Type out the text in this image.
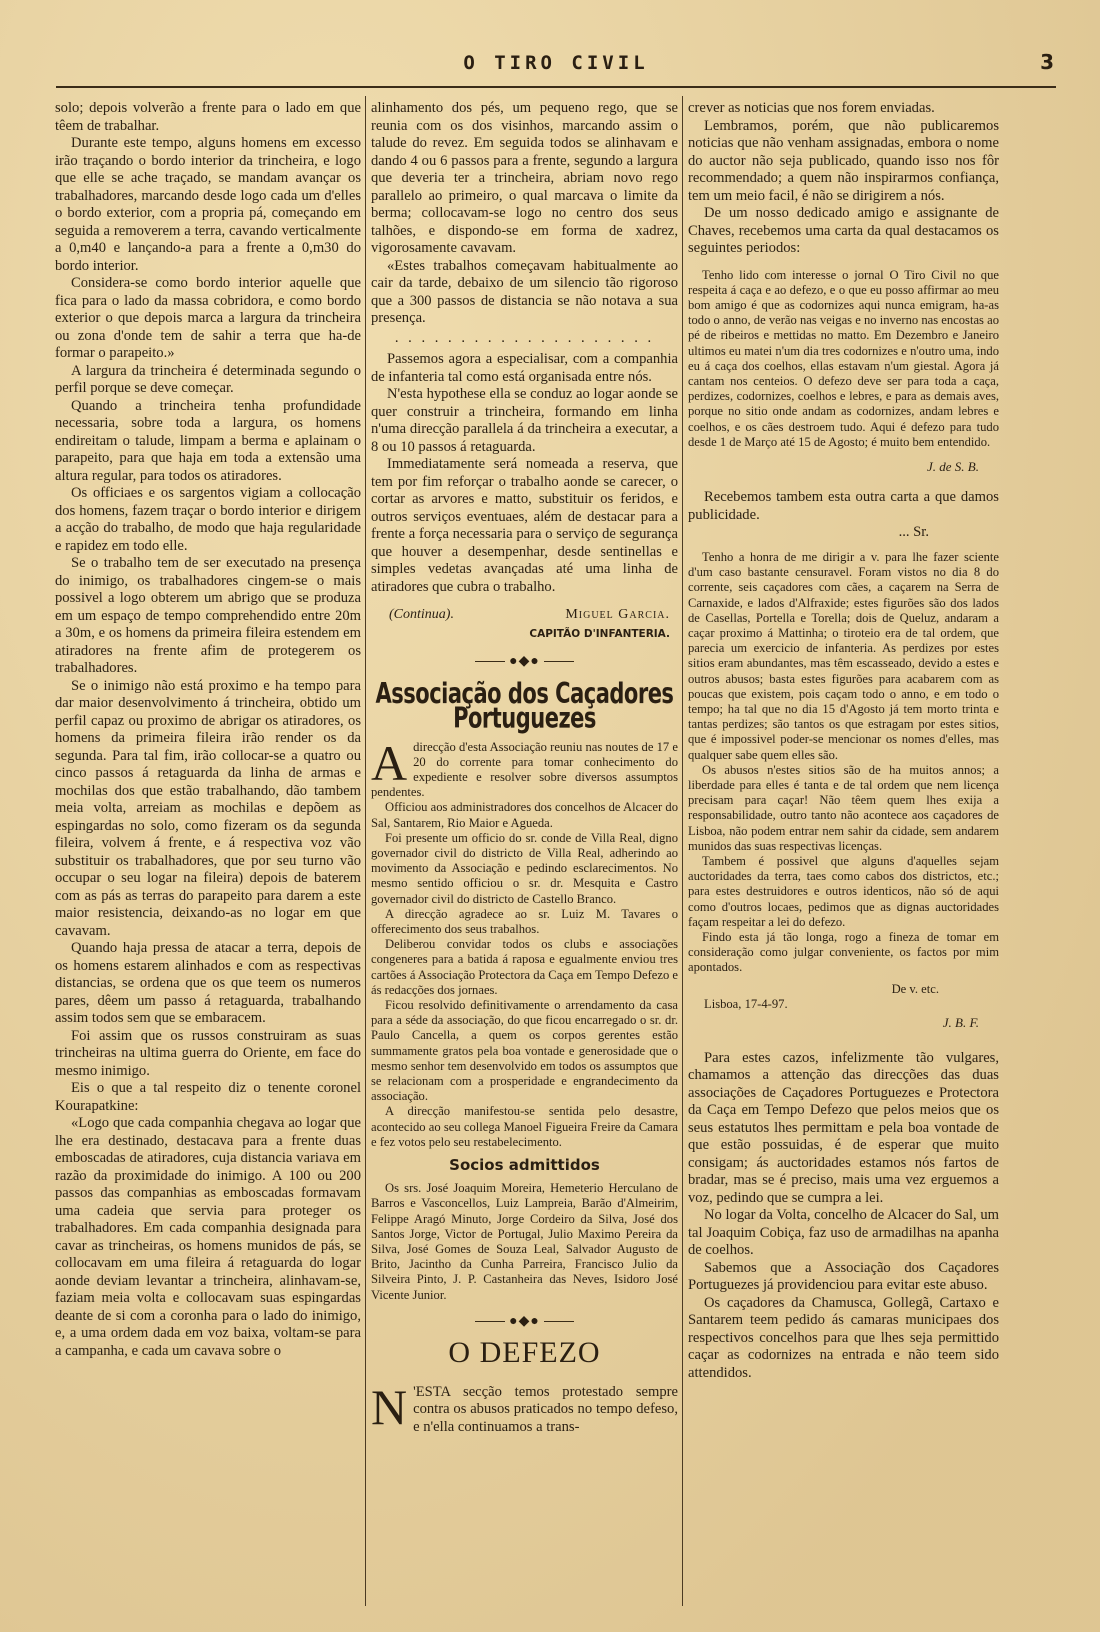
O TIRO CIVIL	3

solo; depois volverão a frente para o lado em que têem de trabalhar.

Durante este tempo, alguns homens em excesso irão traçando o bordo interior da trincheira, e logo que elle se ache traçado, se mandam avançar os trabalhadores, marcando desde logo cada um d'elles o bordo exterior, com a propria pá, começando em seguida a removerem a terra, cavando verticalmente a 0,m40 e lançando-a para a frente a 0,m30 do bordo interior.

Considera-se como bordo interior aquelle que fica para o lado da massa cobridora, e como bordo exterior o que depois marca a largura da trincheira ou zona d'onde tem de sahir a terra que ha-de formar o parapeito.»

A largura da trincheira é determinada segundo o perfil porque se deve começar.

Quando a trincheira tenha profundidade necessaria, sobre toda a largura, os homens endireitam o talude, limpam a berma e aplainam o parapeito, para que haja em toda a extensão uma altura regular, para todos os atiradores.

Os officiaes e os sargentos vigiam a collocação dos homens, fazem traçar o bordo interior e dirigem a acção do trabalho, de modo que haja regularidade e rapidez em todo elle.

Se o trabalho tem de ser executado na presença do inimigo, os trabalhadores cingem-se o mais possivel a logo obterem um abrigo que se produza em um espaço de tempo comprehendido entre 20m a 30m, e os homens da primeira fileira estendem em atiradores na frente afim de protegerem os trabalhadores.

Se o inimigo não está proximo e ha tempo para dar maior desenvolvimento á trincheira, obtido um perfil capaz ou proximo de abrigar os atiradores, os homens da primeira fileira irão render os da segunda. Para tal fim, irão collocar-se a quatro ou cinco passos á retaguarda da linha de armas e mochilas dos que estão trabalhando, dão tambem meia volta, arreiam as mochilas e depõem as espingardas no solo, como fizeram os da segunda fileira, volvem á frente, e á respectiva voz vão substituir os trabalhadores, que por seu turno vão occupar o seu logar na fileira) depois de baterem com as pás as terras do parapeito para darem a este maior resistencia, deixando-as no logar em que cavavam.

Quando haja pressa de atacar a terra, depois de os homens estarem alinhados e com as respectivas distancias, se ordena que os que teem os numeros pares, dêem um passo á retaguarda, trabalhando assim todos sem que se embaracem.

Foi assim que os russos construiram as suas trincheiras na ultima guerra do Oriente, em face do mesmo inimigo.

Eis o que a tal respeito diz o tenente coronel Kourapatkine:

«Logo que cada companhia chegava ao logar que lhe era destinado, destacava para a frente duas emboscadas de atiradores, cuja distancia variava em razão da proximidade do inimigo. A 100 ou 200 passos das companhias as emboscadas formavam uma cadeia que servia para proteger os trabalhadores. Em cada companhia designada para cavar as trincheiras, os homens munidos de pás, se collocavam em uma fileira á retaguarda do logar aonde deviam levantar a trincheira, alinhavam-se, faziam meia volta e collocavam suas espingardas deante de si com a coronha para o lado do inimigo, e, a uma ordem dada em voz baixa, voltam-se para a campanha, e cada um cavava sobre o

alinhamento dos pés, um pequeno rego, que se reunia com os dos visinhos, marcando assim o talude do revez. Em seguida todos se alinhavam e dando 4 ou 6 passos para a frente, segundo a largura que deveria ter a trincheira, abriam novo rego parallelo ao primeiro, o qual marcava o limite da berma; collocavam-se logo no centro dos seus talhões, e dispondo-se em forma de xadrez, vigorosamente cavavam.

«Estes trabalhos começavam habitualmente ao cair da tarde, debaixo de um silencio tão rigoroso que a 300 passos de distancia se não notava a sua presença.

. . . . . . . . . . . . . . . . . . . .

Passemos agora a especialisar, com a companhia de infanteria tal como está organisada entre nós.

N'esta hypothese ella se conduz ao logar aonde se quer construir a trincheira, formando em linha n'uma direcção parallela á da trincheira a executar, a 8 ou 10 passos á retaguarda.

Immediatamente será nomeada a reserva, que tem por fim reforçar o trabalho aonde se carecer, o cortar as arvores e matto, substituir os feridos, e outros serviços eventuaes, além de destacar para a frente a força necessaria para o serviço de segurança que houver a desempenhar, desde sentinellas e simples vedetas avançadas até uma linha de atiradores que cubra o trabalho.

(Continua).	Miguel Garcia.
CAPITÃO D'INFANTERIA.
●◆●
Associação dos Caçadores Portuguezes

Adirecção d'esta Associação reuniu nas noutes de 17 e 20 do corrente para tomar conhecimento do expediente e resolver sobre diversos assumptos pendentes.

Officiou aos administradores dos concelhos de Alcacer do Sal, Santarem, Rio Maior e Agueda.

Foi presente um officio do sr. conde de Villa Real, digno governador civil do districto de Villa Real, adherindo ao movimento da Associação e pedindo esclarecimentos. No mesmo sentido officiou o sr. dr. Mesquita e Castro governador civil do districto de Castello Branco.

A direcção agradece ao sr. Luiz M. Tavares o offerecimento dos seus trabalhos.

Deliberou convidar todos os clubs e associações congeneres para a batida á raposa e egualmente enviou tres cartões á Associação Protectora da Caça em Tempo Defezo e ás redacções dos jornaes.

Ficou resolvido definitivamente o arrendamento da casa para a séde da associação, do que ficou encarregado o sr. dr. Paulo Cancella, a quem os corpos gerentes estão summamente gratos pela boa vontade e generosidade que o mesmo senhor tem desenvolvido em todos os assumptos que se relacionam com a prosperidade e engrandecimento da associação.

A direcção manifestou-se sentida pelo desastre, acontecido ao seu collega Manoel Figueira Freire da Camara e fez votos pelo seu restabelecimento.

Socios admittidos

Os srs. José Joaquim Moreira, Hemeterio Herculano de Barros e Vasconcellos, Luiz Lampreia, Barão d'Almeirim, Felippe Aragó Minuto, Jorge Cordeiro da Silva, José dos Santos Jorge, Victor de Portugal, Julio Maximo Pereira da Silva, José Gomes de Souza Leal, Salvador Augusto de Brito, Jacintho da Cunha Parreira, Francisco Julio da Silveira Pinto, J. P. Castanheira das Neves, Isidoro José Vicente Junior.

●◆●
O DEFEZO

N 'ESTA secção temos protestado sempre contra os abusos praticados no tempo defeso, e n'ella continuamos a trans-

crever as noticias que nos forem enviadas.

Lembramos, porém, que não publicaremos noticias que não venham assignadas, embora o nome do auctor não seja publicado, quando isso nos fôr recommendado; a quem não inspirarmos confiança, tem um meio facil, é não se dirigirem a nós.

De um nosso dedicado amigo e assignante de Chaves, recebemos uma carta da qual destacamos os seguintes periodos:

Tenho lido com interesse o jornal O Tiro Civil no que respeita á caça e ao defezo, e o que eu posso affirmar ao meu bom amigo é que as codornizes aqui nunca emigram, ha-as todo o anno, de verão nas veigas e no inverno nas encostas ao pé de ribeiros e mettidas no matto. Em Dezembro e Janeiro ultimos eu matei n'um dia tres codornizes e n'outro uma, indo eu á caça dos coelhos, ellas estavam n'um giestal. Agora já cantam nos centeios. O defezo deve ser para toda a caça, perdizes, codornizes, coelhos e lebres, e para as demais aves, porque no sitio onde andam as codornizes, andam lebres e coelhos, e os cães destroem tudo. Aqui é defezo para tudo desde 1 de Março até 15 de Agosto; é muito bem entendido.

J. de S. B.

Recebemos tambem esta outra carta a que damos publicidade.

... Sr.

Tenho a honra de me dirigir a v. para lhe fazer sciente d'um caso bastante censuravel. Foram vistos no dia 8 do corrente, seis caçadores com cães, a caçarem na Serra de Carnaxide, e lados d'Alfraxide; estes figurões são dos lados de Casellas, Portella e Torella; dois de Queluz, andaram a caçar proximo á Mattinha; o tiroteio era de tal ordem, que parecia um exercicio de infanteria. As perdizes por estes sitios eram abundantes, mas têm escasseado, devido a estes e outros abusos; basta estes figurões para acabarem com as poucas que existem, pois caçam todo o anno, e em todo o tempo; ha tal que no dia 15 d'Agosto já tem morto trinta e tantas perdizes; são tantos os que estragam por estes sitios, que é impossivel poder-se mencionar os nomes d'elles, mas qualquer sabe quem elles são.

Os abusos n'estes sitios são de ha muitos annos; a liberdade para elles é tanta e de tal ordem que nem licença precisam para caçar! Não têem quem lhes exija a responsabilidade, outro tanto não acontece aos caçadores de Lisboa, não podem entrar nem sahir da cidade, sem andarem munidos das suas respectivas licenças.

Tambem é possivel que alguns d'aquelles sejam auctoridades da terra, taes como cabos dos districtos, etc.; para estes destruidores e outros identicos, não só de aqui como d'outros locaes, pedimos que as dignas auctoridades façam respeitar a lei do defezo.

Findo esta já tão longa, rogo a fineza de tomar em consideração como julgar conveniente, os factos por mim apontados.

De v. etc.
Lisboa, 17-4-97.
J. B. F.

Para estes cazos, infelizmente tão vulgares, chamamos a attenção das direcções das duas associações de Caçadores Portuguezes e Protectora da Caça em Tempo Defezo que pelos meios que os seus estatutos lhes permittam e pela boa vontade de que estão possuidas, é de esperar que muito consigam; ás auctoridades estamos nós fartos de bradar, mas se é preciso, mais uma vez erguemos a voz, pedindo que se cumpra a lei.

No logar da Volta, concelho de Alcacer do Sal, um tal Joaquim Cobiça, faz uso de armadilhas na apanha de coelhos.

Sabemos que a Associação dos Caçadores Portuguezes já providenciou para evitar este abuso.

Os caçadores da Chamusca, Gollegã, Cartaxo e Santarem teem pedido ás camaras municipaes dos respectivos concelhos para que lhes seja permittido caçar as codornizes na entrada e não teem sido attendidos.
